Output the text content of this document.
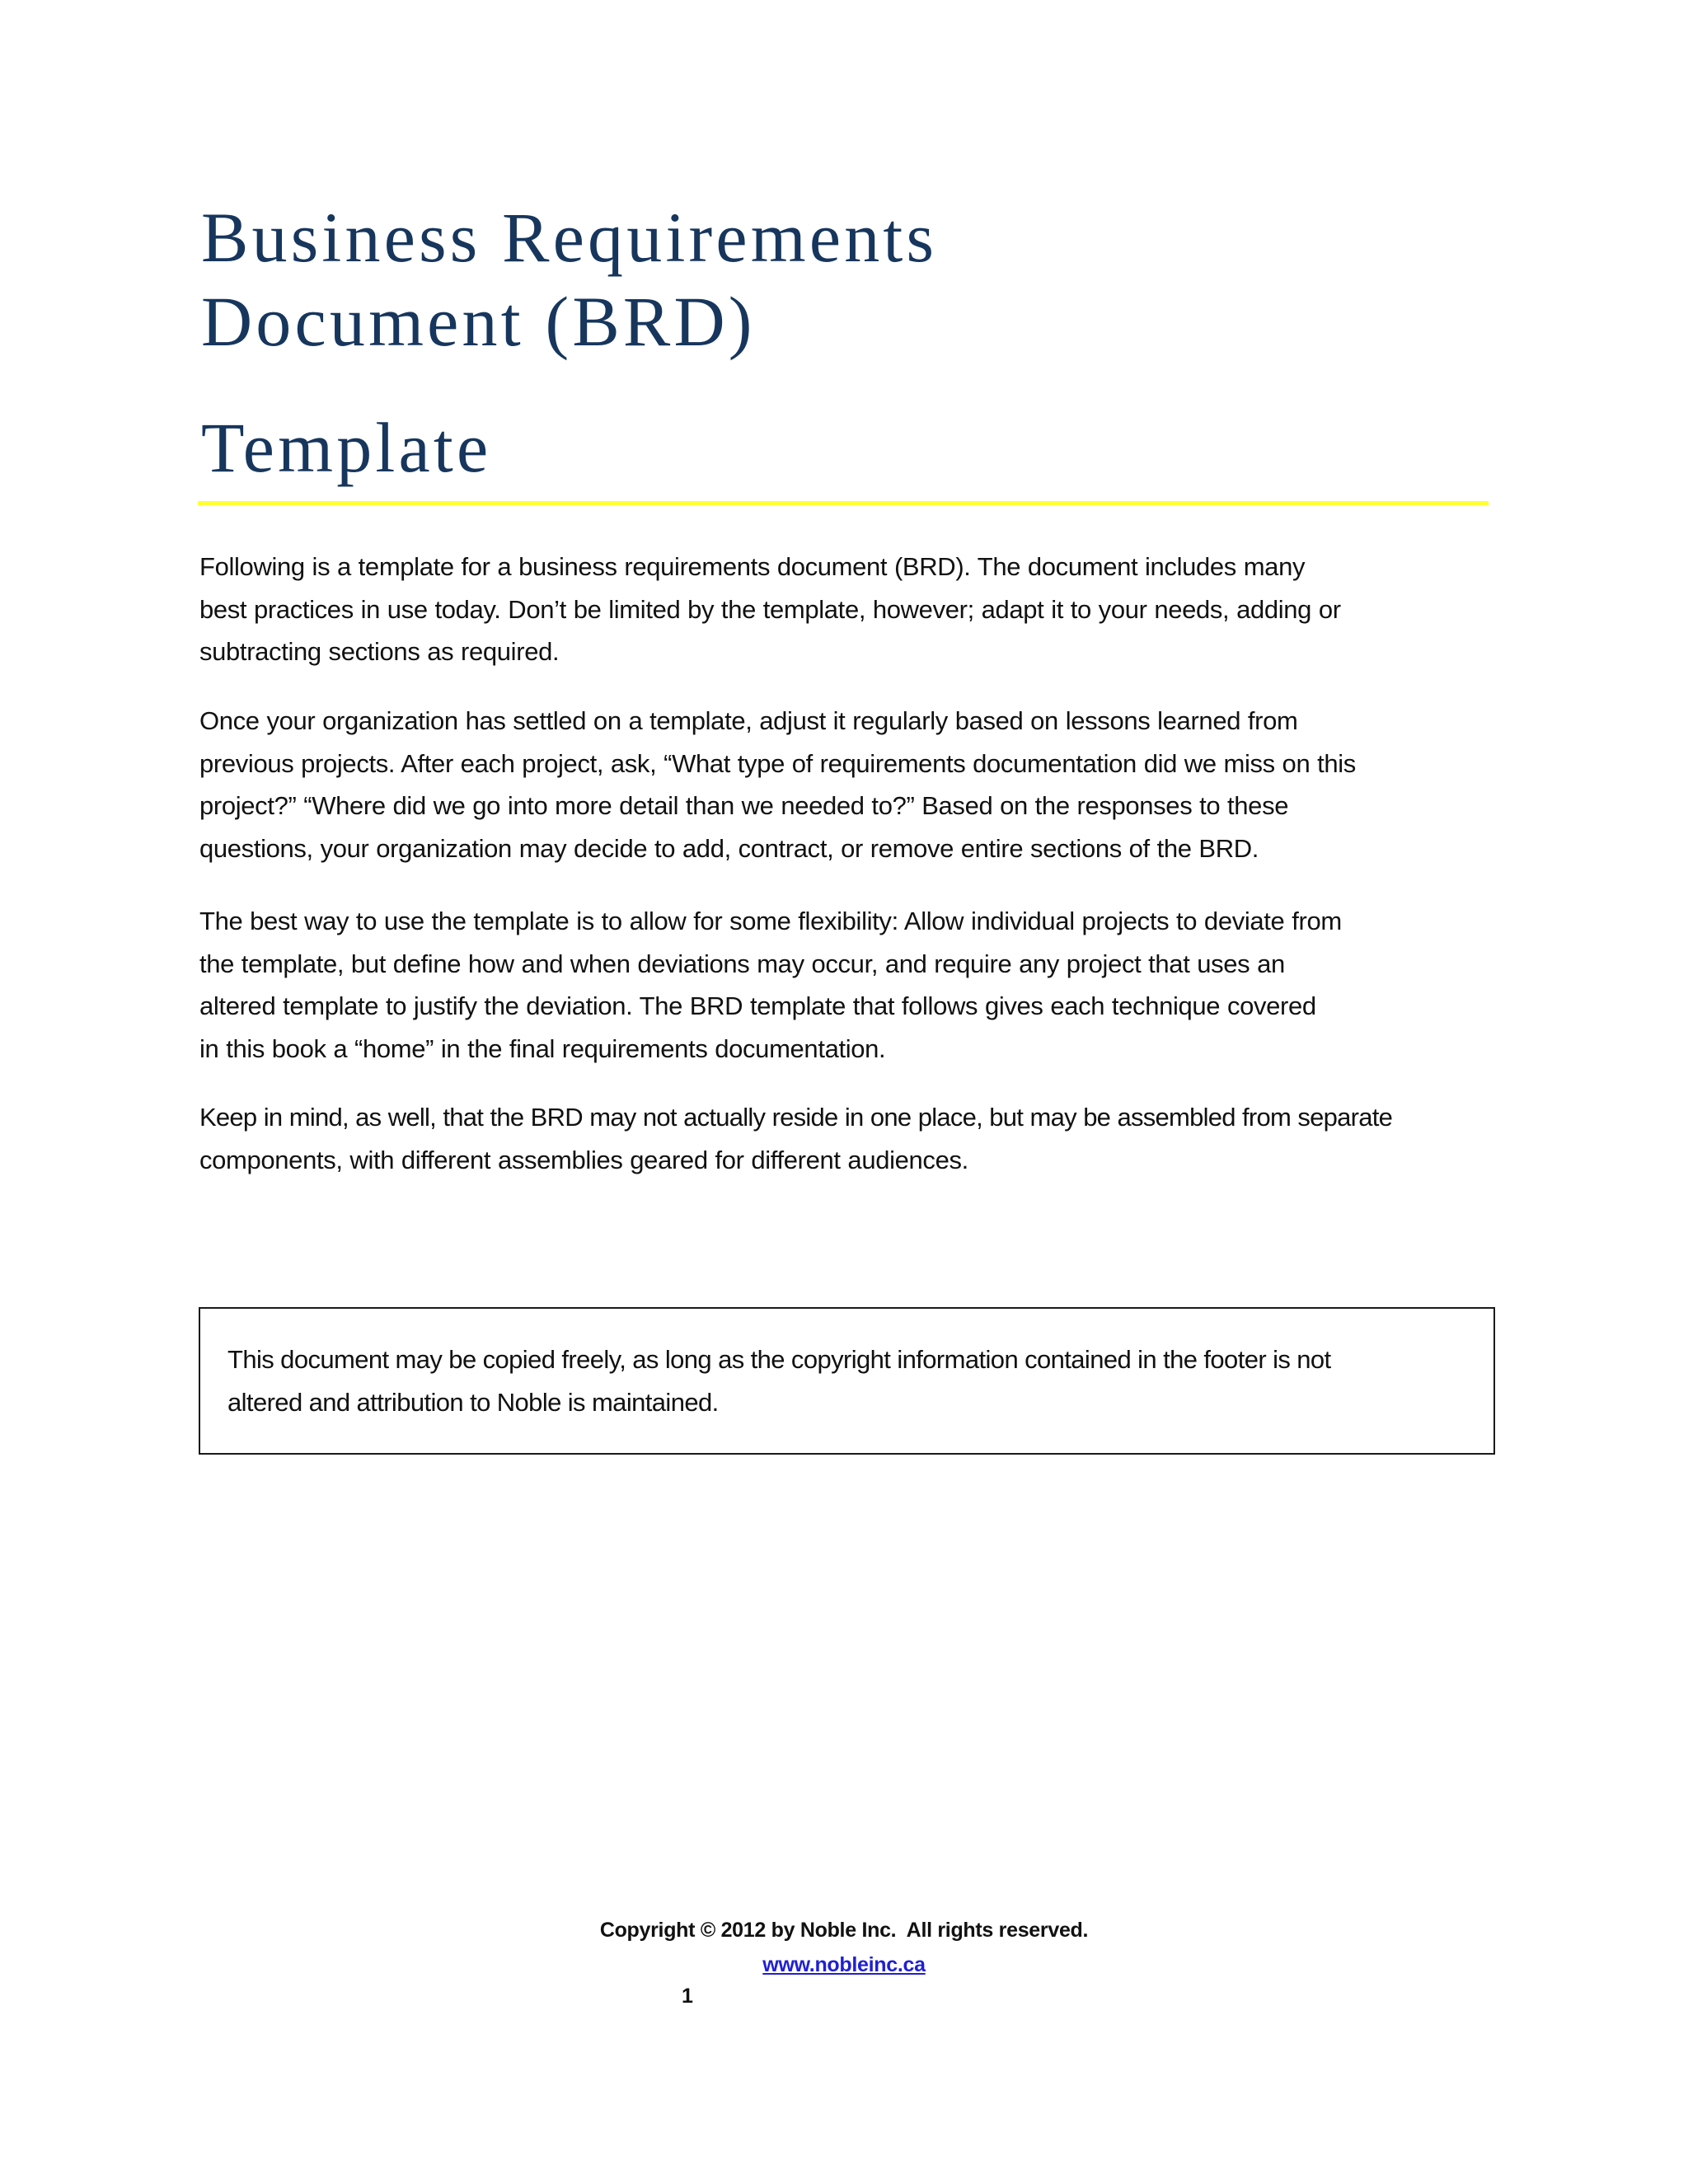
Business Requirements
Document (BRD)
Template

Following is a template for a business requirements document (BRD). The document includes many
best practices in use today. Don’t be limited by the template, however; adapt it to your needs, adding or
subtracting sections as required.

Once your organization has settled on a template, adjust it regularly based on lessons learned from
previous projects. After each project, ask, “What type of requirements documentation did we miss on this
project?” “Where did we go into more detail than we needed to?” Based on the responses to these
questions, your organization may decide to add, contract, or remove entire sections of the BRD.

The best way to use the template is to allow for some flexibility: Allow individual projects to deviate from
the template, but define how and when deviations may occur, and require any project that uses an
altered template to justify the deviation. The BRD template that follows gives each technique covered
in this book a “home” in the final requirements documentation.

Keep in mind, as well, that the BRD may not actually reside in one place, but may be assembled from separate
components, with different assemblies geared for different audiences.

This document may be copied freely, as long as the copyright information contained in the footer is not
altered and attribution to Noble is maintained.

Copyright © 2012 by Noble Inc.  All rights reserved.
www.nobleinc.ca
1
